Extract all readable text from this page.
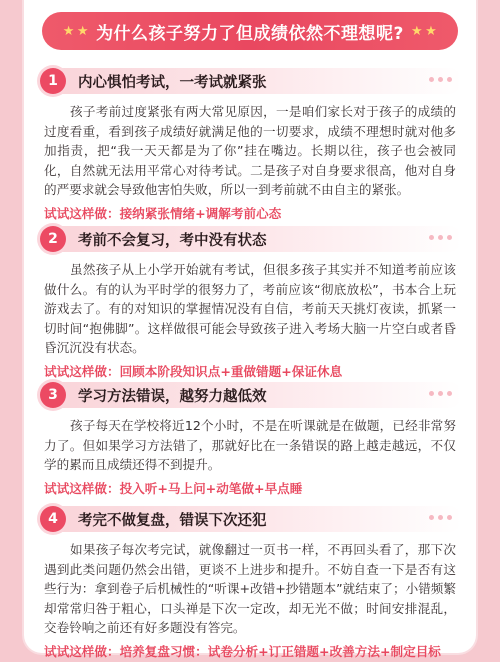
★ ★ 为什么孩子努力了但成绩依然不理想呢? ★ ★
1	内心惧怕考试，一考试就紧张
孩子考前过度紧张有两大常见原因，一是咱们家长对于孩子的成绩的过度看重，看到孩子成绩好就满足他的一切要求，成绩不理想时就对他多加指责，把“我一天天都是为了你”挂在嘴边。长期以往，孩子也会被同化，自然就无法用平常心对待考试。二是孩子对自身要求很高，他对自身的严要求就会导致他害怕失败，所以一到考前就不由自主的紧张。
试试这样做：接纳紧张情绪+调解考前心态
2	考前不会复习，考中没有状态
虽然孩子从上小学开始就有考试，但很多孩子其实并不知道考前应该做什么。有的认为平时学的很努力了，考前应该“彻底放松”，书本合上玩游戏去了。有的对知识的掌握情况没有自信，考前天天挑灯夜读，抓紧一切时间“抱佛脚”。这样做很可能会导致孩子进入考场大脑一片空白或者昏昏沉沉没有状态。
试试这样做：回顾本阶段知识点+重做错题+保证休息
3	学习方法错误，越努力越低效
孩子每天在学校将近12个小时，不是在听课就是在做题，已经非常努力了。但如果学习方法错了，那就好比在一条错误的路上越走越远，不仅学的累而且成绩还得不到提升。
试试这样做：投入听+马上问+动笔做+早点睡
4	考完不做复盘，错误下次还犯
如果孩子每次考完试，就像翻过一页书一样，不再回头看了，那下次遇到此类问题仍然会出错，更谈不上进步和提升。不妨自查一下是否有这些行为：拿到卷子后机械性的“听课+改错+抄错题本”就结束了；小错频繁却常常归咎于粗心，口头禅是下次一定改，却无光不做；时间安排混乱，交卷铃响之前还有好多题没有答完。
试试这样做：培养复盘习惯：试卷分析+订正错题+改善方法+制定目标
